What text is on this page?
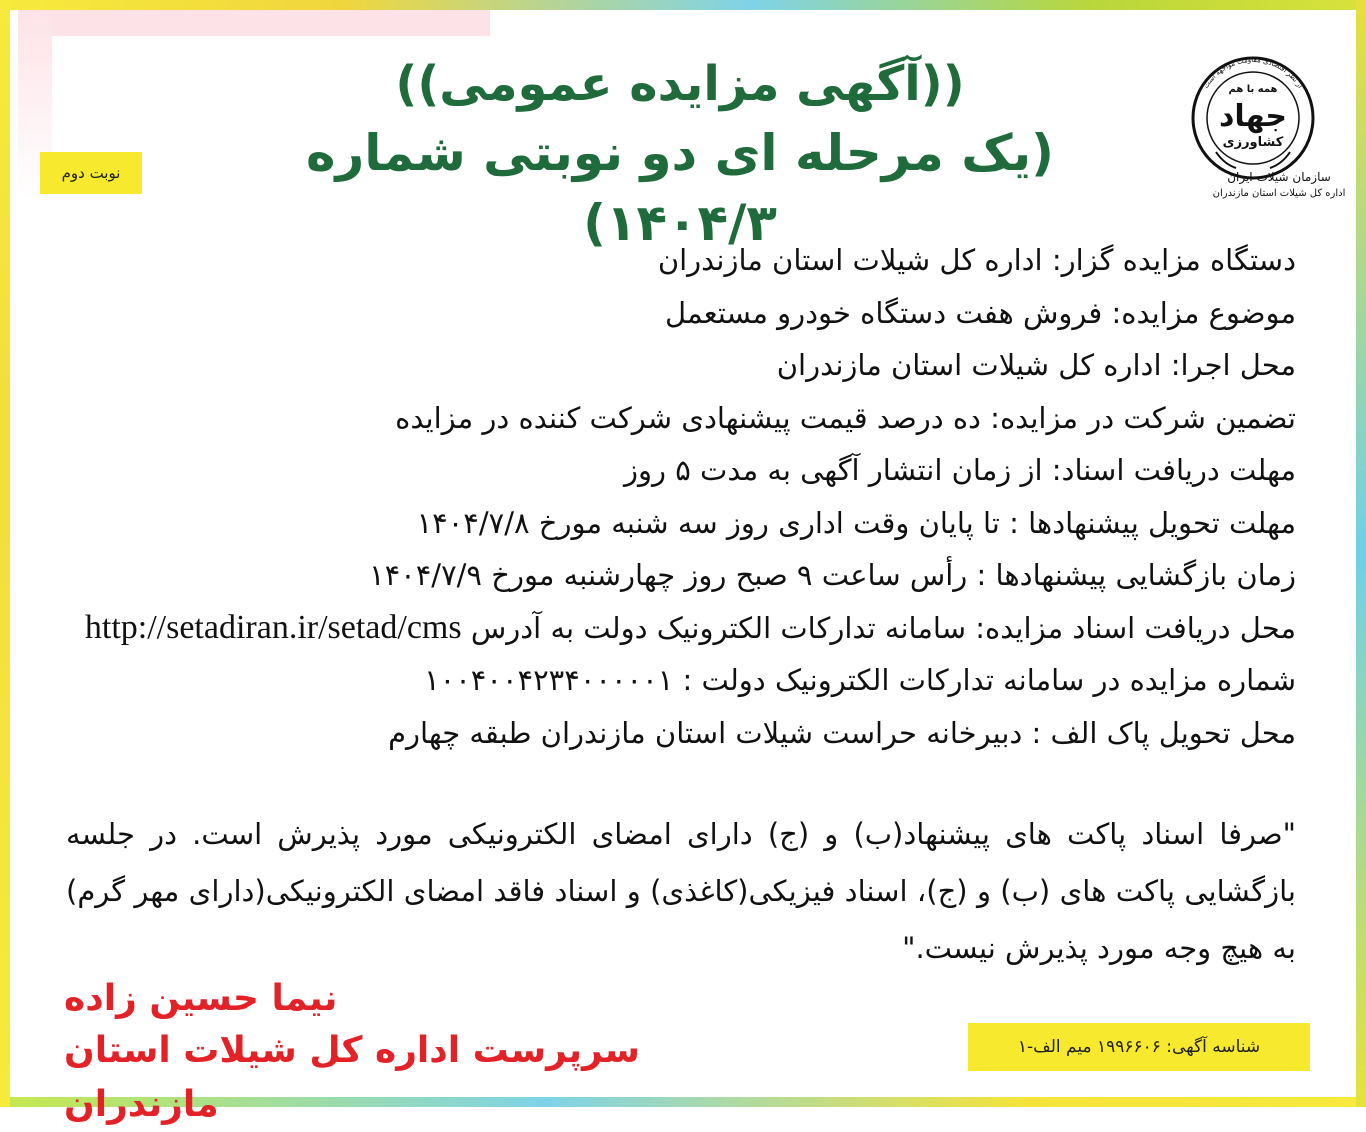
از نظر اقتصادی مقاومت مواجهه است
همه با هم
جهاد
کشاورزی
سازمان شیلات ایران
اداره کل شیلات استان مازندران
((آگهی مزایده عمومی))
(یک مرحله ای دو نوبتی شماره ۱۴۰۴/۳)
نوبت دوم
دستگاه مزایده گزار: اداره کل شیلات استان مازندران
موضوع مزایده: فروش هفت دستگاه خودرو مستعمل
محل اجرا: اداره کل شیلات استان مازندران
تضمین شرکت در مزایده: ده درصد قیمت پیشنهادی شرکت کننده در مزایده
مهلت دریافت اسناد: از زمان انتشار آگهی به مدت ۵ روز
مهلت تحویل پیشنهادها : تا پایان وقت اداری روز سه شنبه مورخ ۱۴۰۴/۷/۸
زمان بازگشایی پیشنهادها : رأس ساعت ۹ صبح روز چهارشنبه مورخ ۱۴۰۴/۷/۹
محل دریافت اسناد مزایده: سامانه تدارکات الکترونیک دولت به آدرس http://setadiran.ir/setad/cms
شماره مزایده در سامانه تدارکات الکترونیک دولت : ۱۰۰۴۰۰۴۲۳۴۰۰۰۰۰۱
محل تحویل پاک الف : دبیرخانه حراست شیلات استان مازندران طبقه چهارم
"صرفا اسناد پاکت های پیشنهاد(ب) و (ج) دارای امضای الکترونیکی مورد پذیرش است. در جلسه بازگشایی پاکت های (ب) و (ج)، اسناد فیزیکی(کاغذی) و اسناد فاقد امضای الکترونیکی(دارای مهر گرم) به هیچ وجه مورد پذیرش نیست."
نیما حسین زاده
سرپرست اداره کل شیلات استان مازندران
شناسه آگهی: ۱۹۹۶۶۰۶ میم الف-۱
